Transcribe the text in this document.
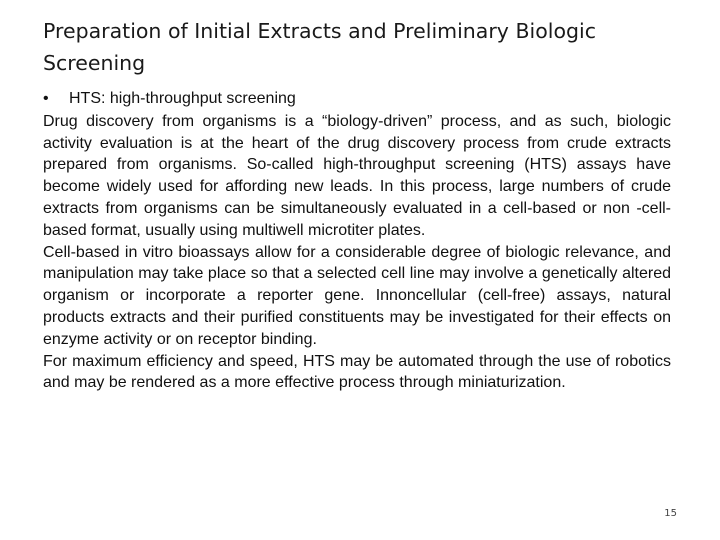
Preparation of Initial Extracts and Preliminary Biologic Screening

• HTS: high-throughput screening

Drug discovery from organisms is a “biology-driven” process, and as such, biologic activity evaluation is at the heart of the drug discovery process from crude extracts prepared from organisms. So-called high-throughput screening (HTS) assays have become widely used for affording new leads. In this process, large numbers of crude extracts from organisms can be simultaneously evaluated in a cell-based or non -cell-based format, usually using multiwell microtiter plates.

Cell-based in vitro bioassays allow for a considerable degree of biologic relevance, and manipulation may take place so that a selected cell line may involve a genetically altered organism or incorporate a reporter gene. Innoncellular (cell-free) assays, natural products extracts and their purified constituents may be investigated for their effects on enzyme activity or on receptor binding.

For maximum efficiency and speed, HTS may be automated through the use of robotics and may be rendered as a more effective process through miniaturization.

15
